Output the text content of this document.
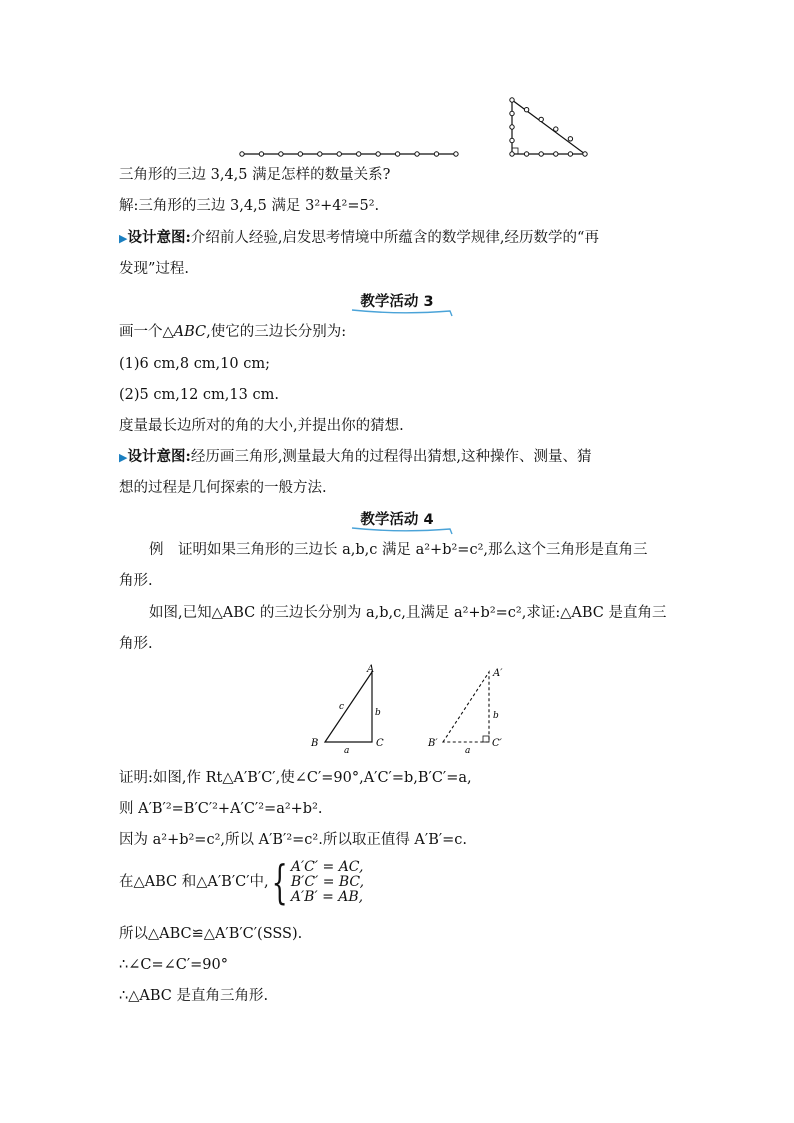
三角形的三边 3,4,5 满足怎样的数量关系?
解:三角形的三边 3,4,5 满足 3²+4²=5².
▶设计意图:介绍前人经验,启发思考情境中所蕴含的数学规律,经历数学的“再
发现”过程.
教学活动 3
画一个△ABC,使它的三边长分别为:
(1)6 cm,8 cm,10 cm;
(2)5 cm,12 cm,13 cm.
度量最长边所对的角的大小,并提出你的猜想.
▶设计意图:经历画三角形,测量最大角的过程得出猜想,这种操作、测量、猜
想的过程是几何探索的一般方法.
教学活动 4
例　证明如果三角形的三边长 a,b,c 满足 a²+b²=c²,那么这个三角形是直角三
角形.
如图,已知△ABC 的三边长分别为 a,b,c,且满足 a²+b²=c²,求证:△ABC 是直角三
角形.
A
B	C
a
b
c
A′
B′	C′
a
b
证明:如图,作 Rt△A′B′C′,使∠C′=90°,A′C′=b,B′C′=a,
则 A′B′²=B′C′²+A′C′²=a²+b².
因为 a²+b²=c²,所以 A′B′²=c².所以取正值得 A′B′=c.
在△ABC 和△A′B′C′中,{ A′C′ = AC,
B′C′ = BC,
A′B′ = AB,
所以△ABC≌△A′B′C′(SSS).
∴∠C=∠C′=90°
∴△ABC 是直角三角形.
